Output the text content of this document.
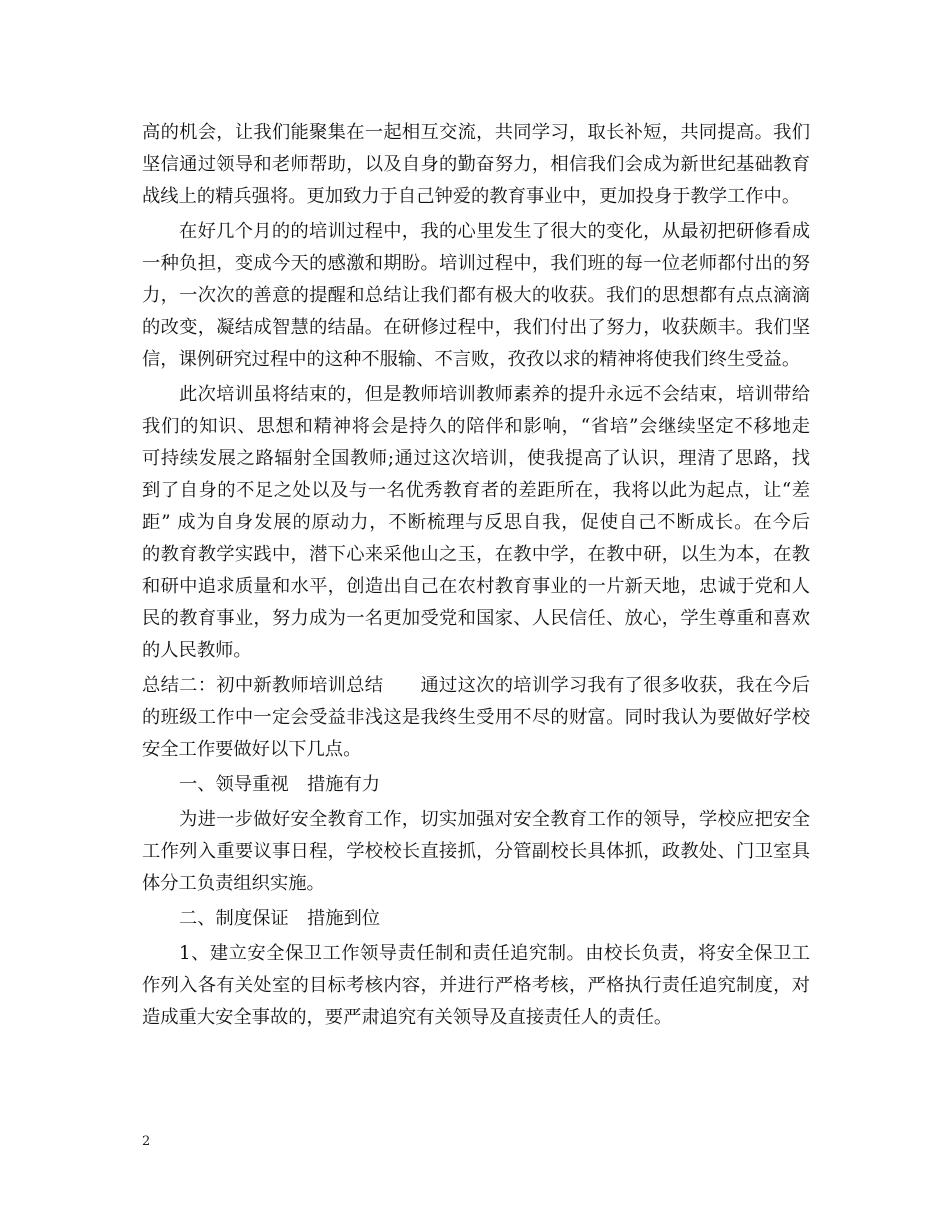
高的机会，让我们能聚集在一起相互交流，共同学习，取长补短，共同提高。我们
坚信通过领导和老师帮助，以及自身的勤奋努力，相信我们会成为新世纪基础教育
战线上的精兵强将。更加致力于自己钟爱的教育事业中，更加投身于教学工作中。
在好几个月的的培训过程中，我的心里发生了很大的变化，从最初把研修看成
一种负担，变成今天的感激和期盼。培训过程中，我们班的每一位老师都付出的努
力，一次次的善意的提醒和总结让我们都有极大的收获。我们的思想都有点点滴滴
的改变，凝结成智慧的结晶。在研修过程中，我们付出了努力，收获颇丰。我们坚
信，课例研究过程中的这种不服输、不言败，孜孜以求的精神将使我们终生受益。
此次培训虽将结束的，但是教师培训教师素养的提升永远不会结束，培训带给
我们的知识、思想和精神将会是持久的陪伴和影响，“省培”会继续坚定不移地走
可持续发展之路辐射全国教师;通过这次培训，使我提高了认识，理清了思路，找
到了自身的不足之处以及与一名优秀教育者的差距所在，我将以此为起点，让“差
距” 成为自身发展的原动力，不断梳理与反思自我，促使自己不断成长。在今后
的教育教学实践中，潜下心来采他山之玉，在教中学，在教中研，以生为本，在教
和研中追求质量和水平，创造出自己在农村教育事业的一片新天地，忠诚于党和人
民的教育事业，努力成为一名更加受党和国家、人民信任、放心，学生尊重和喜欢
的人民教师。
总结二：初中新教师培训总结　　通过这次的培训学习我有了很多收获，我在今后
的班级工作中一定会受益非浅这是我终生受用不尽的财富。同时我认为要做好学校
安全工作要做好以下几点。
一、领导重视　措施有力
为进一步做好安全教育工作，切实加强对安全教育工作的领导，学校应把安全
工作列入重要议事日程，学校校长直接抓，分管副校长具体抓，政教处、门卫室具
体分工负责组织实施。
二、制度保证　措施到位
1、建立安全保卫工作领导责任制和责任追究制。由校长负责，将安全保卫工
作列入各有关处室的目标考核内容，并进行严格考核，严格执行责任追究制度，对
造成重大安全事故的，要严肃追究有关领导及直接责任人的责任。
2
